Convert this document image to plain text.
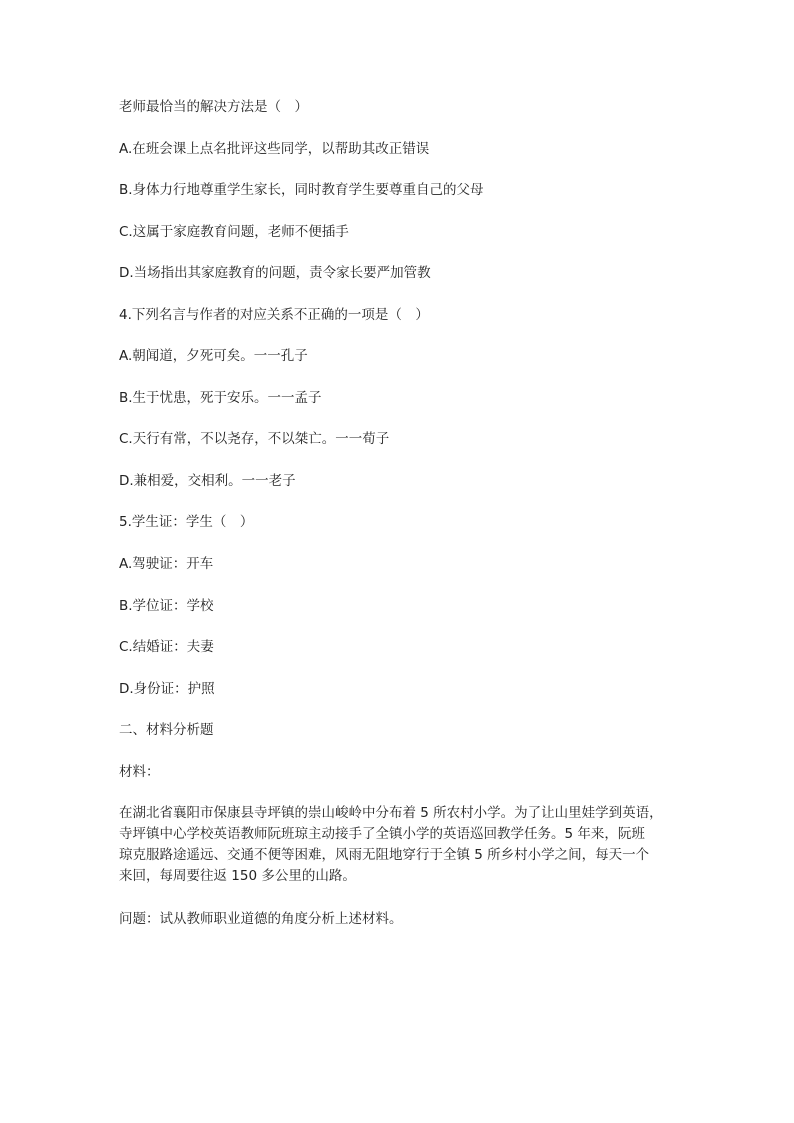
老师最恰当的解决方法是（　）
A.在班会课上点名批评这些同学，以帮助其改正错误
B.身体力行地尊重学生家长，同时教育学生要尊重自己的父母
C.这属于家庭教育问题，老师不便插手
D.当场指出其家庭教育的问题，责令家长要严加管教
4.下列名言与作者的对应关系不正确的一项是（　）
A.朝闻道，夕死可矣。一一孔子
B.生于忧患，死于安乐。一一孟子
C.天行有常，不以尧存，不以桀亡。一一荀子
D.兼相爱，交相利。一一老子
5.学生证：学生（　）
A.驾驶证：开车
B.学位证：学校
C.结婚证：夫妻
D.身份证：护照
二、材料分析题
材料：
在湖北省襄阳市保康县寺坪镇的崇山峻岭中分布着 5 所农村小学。为了让山里娃学到英语，
寺坪镇中心学校英语教师阮班琼主动接手了全镇小学的英语巡回教学任务。5 年来，阮班
琼克服路途遥远、交通不便等困难，风雨无阻地穿行于全镇 5 所乡村小学之间，每天一个
来回，每周要往返 150 多公里的山路。
问题：试从教师职业道德的角度分析上述材料。
